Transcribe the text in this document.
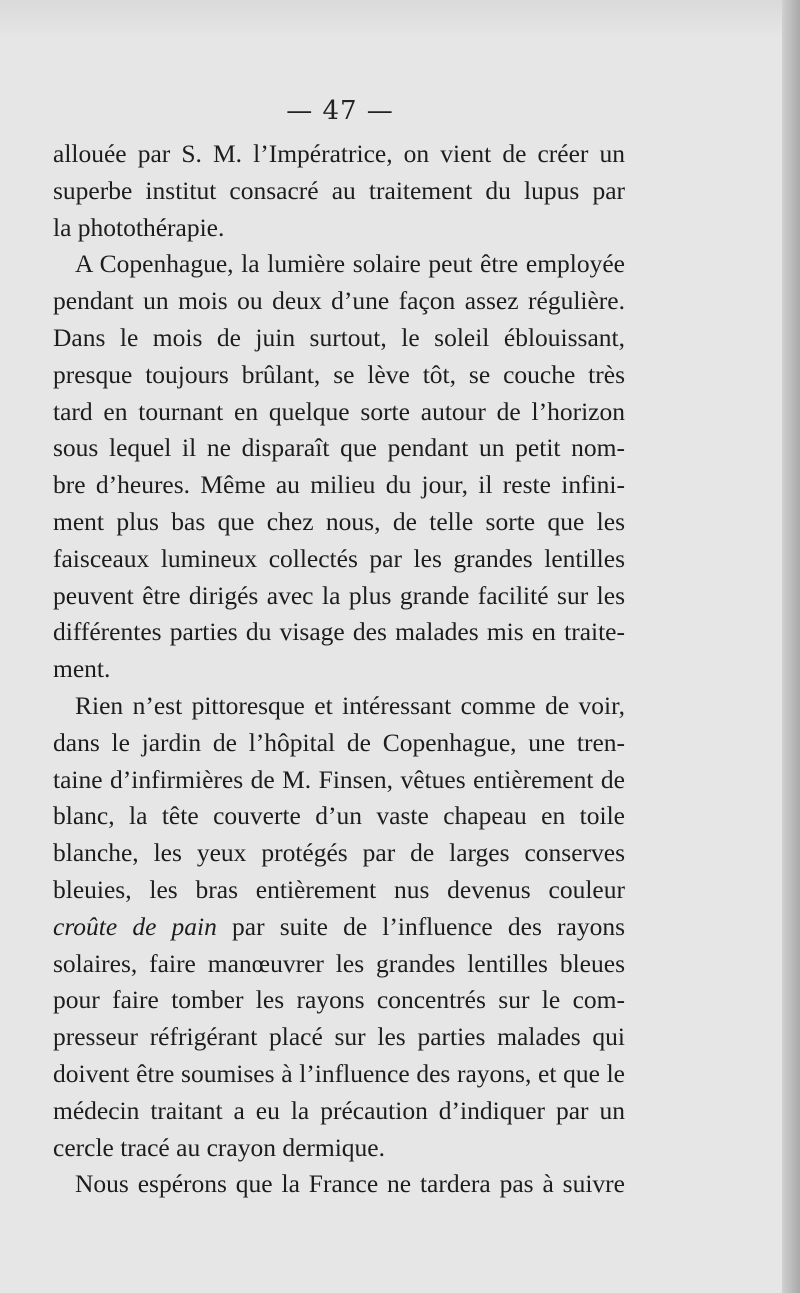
— 47 —

allouée par S. M. l’Impératrice, on vient de créer un
superbe institut consacré au traitement du lupus par
la photothérapie.

A Copenhague, la lumière solaire peut être employée
pendant un mois ou deux d’une façon assez régulière.
Dans le mois de juin surtout, le soleil éblouissant,
presque toujours brûlant, se lève tôt, se couche très
tard en tournant en quelque sorte autour de l’horizon
sous lequel il ne disparaît que pendant un petit nom-
bre d’heures. Même au milieu du jour, il reste infini-
ment plus bas que chez nous, de telle sorte que les
faisceaux lumineux collectés par les grandes lentilles
peuvent être dirigés avec la plus grande facilité sur les
différentes parties du visage des malades mis en traite-
ment.

Rien n’est pittoresque et intéressant comme de voir,
dans le jardin de l’hôpital de Copenhague, une tren-
taine d’infirmières de M. Finsen, vêtues entièrement de
blanc, la tête couverte d’un vaste chapeau en toile
blanche, les yeux protégés par de larges conserves
bleuies, les bras entièrement nus devenus couleur
croûte de pain par suite de l’influence des rayons
solaires, faire manœuvrer les grandes lentilles bleues
pour faire tomber les rayons concentrés sur le com-
presseur réfrigérant placé sur les parties malades qui
doivent être soumises à l’influence des rayons, et que le
médecin traitant a eu la précaution d’indiquer par un
cercle tracé au crayon dermique.

Nous espérons que la France ne tardera pas à suivre
